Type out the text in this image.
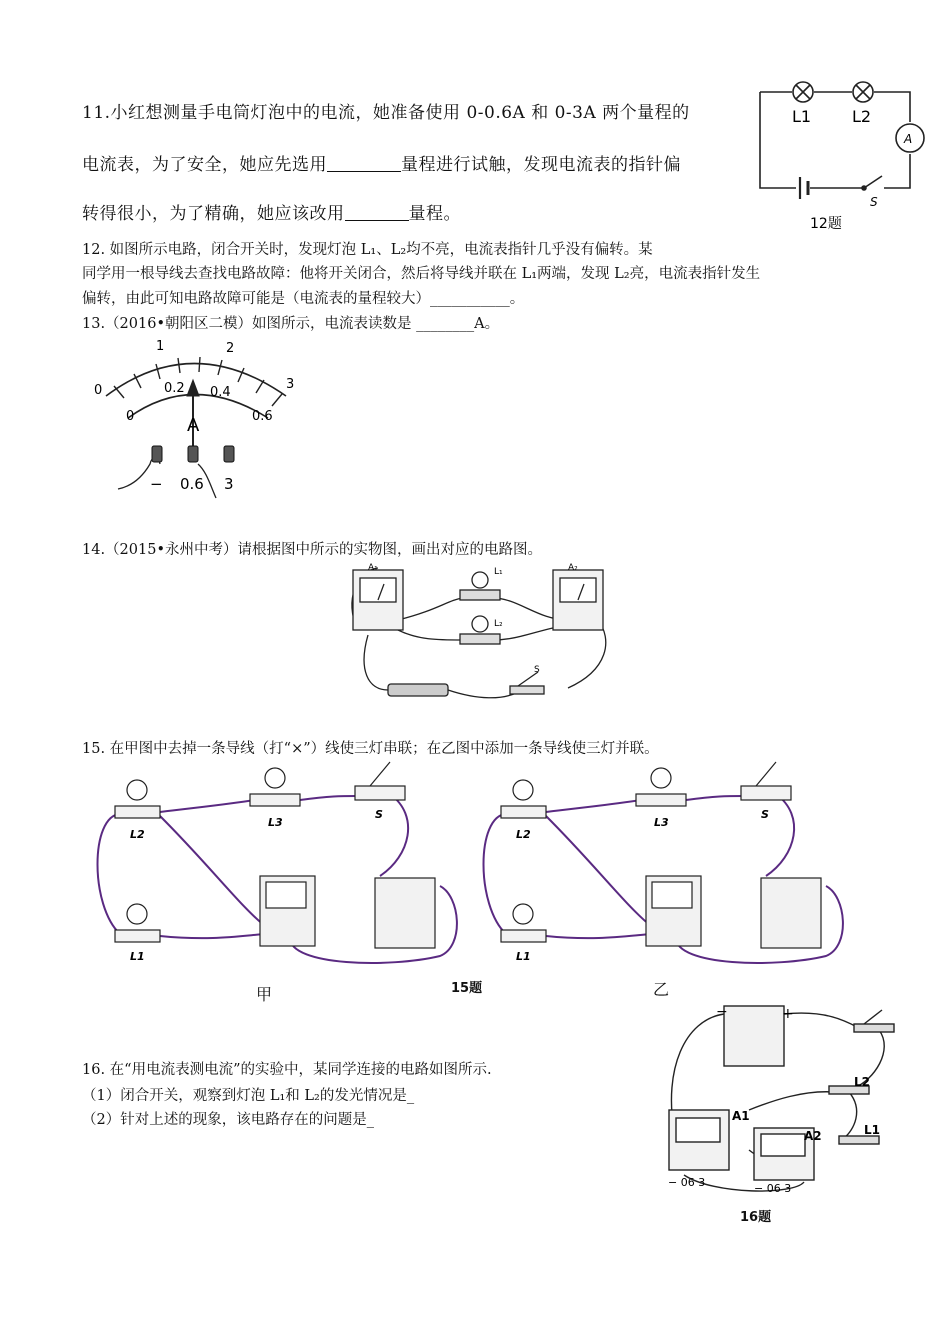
11.小红想测量手电筒灯泡中的电流，她准备使用 0-0.6A 和 0-3A 两个量程的
电流表，为了安全，她应先选用	量程进行试触，发现电流表的指针偏
转得很小，为了精确，她应该改用	量程。
A
L1	L2
S
12题
12. 如图所示电路，闭合开关时，发现灯泡 L₁、L₂均不亮，电流表指针几乎没有偏转。某
同学用一根导线去查找电路故障：他将开关闭合，然后将导线并联在 L₁两端，发现 L₂亮，电流表指针发生
偏转，由此可知电路故障可能是（电流表的量程较大）___________。
13.（2016•朝阳区二模）如图所示，电流表读数是 ________A。
0
1	2
3
0
0.2 0.4
0.6
A
− 0.6 3
14.（2015•永州中考）请根据图中所示的实物图，画出对应的电路图。
A₁	L₁	A₂
L₂
S
15. 在甲图中去掉一条导线（打“×”）线使三灯串联；在乙图中添加一条导线使三灯并联。
L2
L3
S
L1
L2
L3
S
L1
甲	15题	乙
16. 在“用电流表测电流”的实验中，某同学连接的电路如图所示.
（1）闭合开关，观察到灯泡 L₁和 L₂的发光情况是_
（2）针对上述的现象，该电路存在的问题是_
−	+
A1
A2
L2
L1
− 06 3	− 06 3
16题
